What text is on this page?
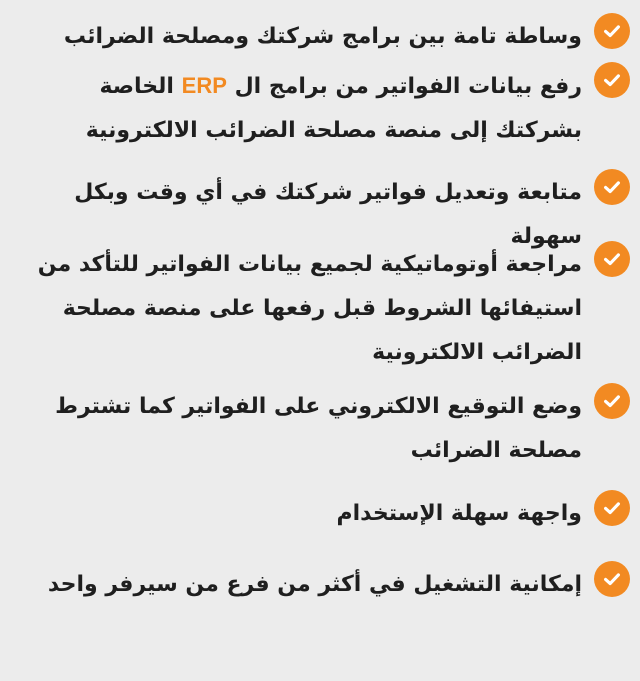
وساطة تامة بين برامج شركتك ومصلحة الضرائب
رفع بيانات الفواتير من برامج ال ERP الخاصة بشركتك إلى منصة مصلحة الضرائب الالكترونية
متابعة وتعديل فواتير شركتك في أي وقت وبكل سهولة
مراجعة أوتوماتيكية لجميع بيانات الفواتير للتأكد من استيفائها الشروط قبل رفعها على منصة مصلحة الضرائب الالكترونية
وضع التوقيع الالكتروني على الفواتير كما تشترط مصلحة الضرائب
واجهة سهلة الإستخدام
إمكانية التشغيل في أكثر من فرع من سيرفر واحد
